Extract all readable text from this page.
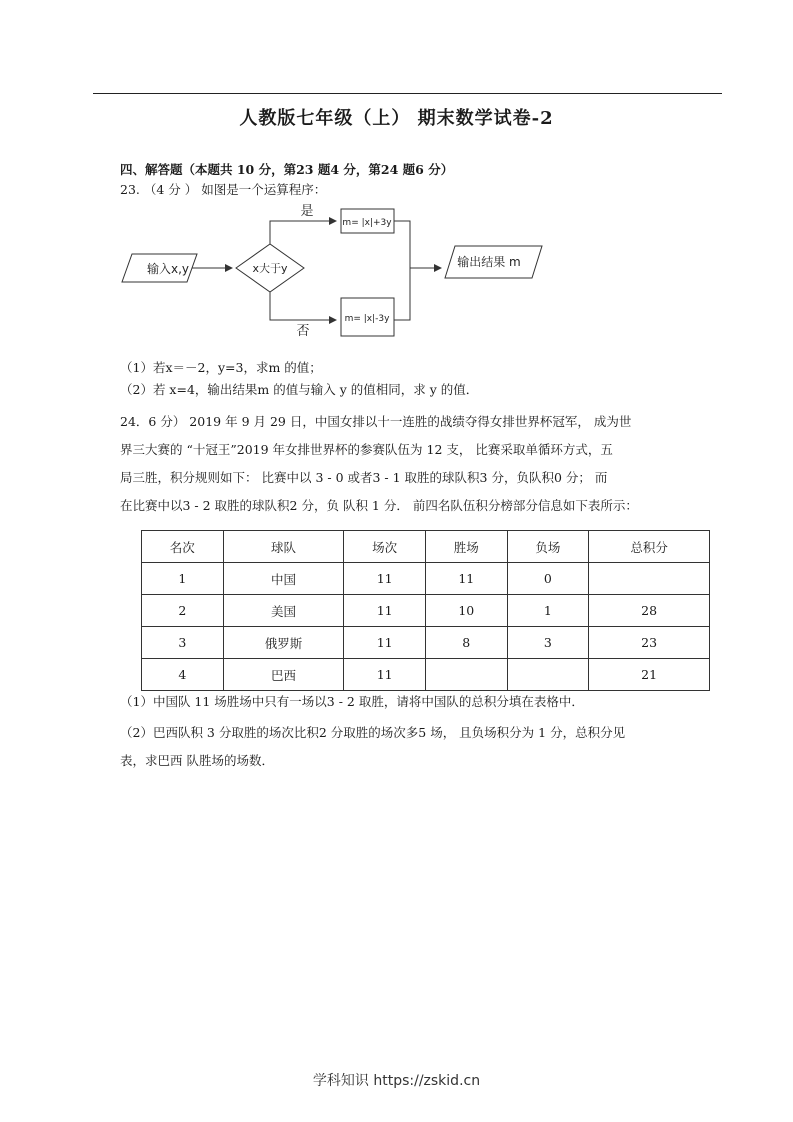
人教版七年级（上） 期末数学试卷-2
四、解答题（本题共 10 分，第23 题4 分，第24 题6 分）
23. （4 分 ） 如图是一个运算程序：
输入x,y	x大于y
是
m= |x|+3y
否
m= |x|-3y
输出结果 m
（1）若x＝－2，y=3，求m 的值；
（2）若 x=4，输出结果m 的值与输入 y 的值相同，求 y 的值．
24．6 分） 2019 年 9 月 29 日，中国女排以十一连胜的战绩夺得女排世界杯冠军， 成为世
界三大赛的 “十冠王”2019 年女排世界杯的参赛队伍为 12 支， 比赛采取单循环方式，五
局三胜，积分规则如下： 比赛中以 3 - 0 或者3 - 1 取胜的球队积3 分，负队积0 分； 而
在比赛中以3 - 2 取胜的球队积2 分，负 队积 1 分． 前四名队伍积分榜部分信息如下表所示：
名次	球队	场次	胜场	负场	总积分
1	中国	11	11	0	
2	美国	11	10	1	28
3	俄罗斯	11	8	3	23
4	巴西	11			21
（1）中国队 11 场胜场中只有一场以3 - 2 取胜，请将中国队的总积分填在表格中．
（2）巴西队积 3 分取胜的场次比积2 分取胜的场次多5 场， 且负场积分为 1 分，总积分见
表，求巴西 队胜场的场数．
学科知识 https://zskid.cn
